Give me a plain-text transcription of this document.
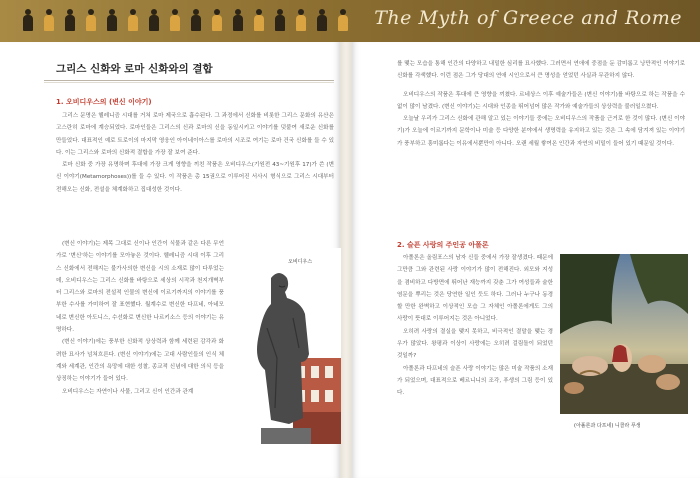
The Myth of Greece and Rome
그리스 신화와 로마 신화와의 결합
1. 오비디우스의 (변신 이야기)

그리스 문명은 헬레니즘 시대를 거쳐 로마 제국으로 흡수된다. 그 과정에서 신화를 비롯한 그리스 문화의 유산은 고스란히 로마에 계승되었다. 로마인들은 그리스의 신과 로마의 신을 동일시키고 이야기를 덧붙여 새로운 신화를 만들었다. 대표적인 예로 트로이의 마지막 영웅인 아이네이아스를 로마의 시조로 여기는 로마 건국 신화를 들 수 있다. 이는 그리스와 로마의 신화적 결합을 가장 잘 보여 준다.

로마 신화 중 가장 유명하며 후대에 가장 크게 영향을 끼친 작품은 오비디우스(기원전 43~기원후 17)가 쓴 (변신 이야기(Metamorphoses))를 들 수 있다. 이 작품은 총 15권으로 이루어진 서사시 형식으로 그리스 시대부터 전해오는 신화, 전설을 체계화하고 집대성한 것이다.

(변신 이야기)는 제목 그대로 신이나 인간이 식물과 같은 다른 무언가로 '변신'하는 이야기를 모아놓은 것이다. 헬레니즘 시대 이후 그리스 신화에서 전해지는 불가사의한 변신을 시의 소재로 많이 다루었는데, 오비디우스는 그리스 신화를 바탕으로 세상의 시작과 천지개벽부터 그리스와 로마의 전설적 인물의 변신에 이르기까지의 이야기를 풍부한 수사를 가미하여 잘 표현했다. 월계수로 변신한 다프네, 아네모네로 변신한 아도니스, 수선화로 변신한 나르키소스 등의 이야기는 유명하다.

(변신 이야기)에는 풍부한 신화적 상상력과 함께 세련된 감각과 화려한 묘사가 넘쳐흐른다. (변신 이야기)에는 고대 사람인들의 인식 체계와 세계관, 인간의 욕망에 대한 성찰, 종교적 신념에 대한 의식 등을 상징하는 이야기가 들어 있다.

오비디우스는 자연이나 사물, 그리고 신이 인간과 관계

오비디우스

를 맺는 모습을 통해 인간의 다양하고 내밀한 심리를 묘사했다. 그러면서 연애에 중점을 둔 감미롭고 낭만적인 이야기로 신화를 각색했다. 이런 점은 그가 당대의 연애 시인으로서 큰 명성을 얻었던 사실과 무관하지 않다.

오비디우스의 작품은 후대에 큰 영향을 끼쳤다. 르네상스 이후 예술가들은 (변신 이야기)를 바탕으로 하는 작품을 수없이 많이 남겼다. (변신 이야기)는 시대와 인종을 뛰어넘어 많은 작가와 예술가들의 상상력을 불러일으켰다.

오늘날 우리가 그리스 신화에 관해 알고 있는 이야기들 중에는 오비디우스의 작품을 근거로 한 것이 많다. (변신 이야기)가 오늘에 이르기까지 문학이나 미술 등 다양한 분야에서 생명력을 유지하고 있는 것은 그 속에 담겨져 있는 이야기가 풍부하고 흥미롭다는 이유에서뿐만이 아니다. 오랜 세월 쌓여온 인간과 자연의 비밀이 들어 있기 때문일 것이다.

2. 슬픈 사랑의 주인공 아폴론

아폴론은 올림포스의 남자 신들 중에서 가장 잘생겼다. 때문에 그만큼 그와 관련된 사랑 이야기가 많이 전해진다. 외모와 지성을 겸비하고 다방면에 뛰어난 재능까지 갖춘 그가 여성들과 숱한 염문을 뿌리는 것은 당연한 일인 듯도 하다. 그러나 누구나 동경할 만한 완벽하고 이상적인 모습 그 자체인 아폴론에게도 그의 사랑이 뜻대로 이루어지는 것은 아니었다.

오히려 사랑의 결실을 맺지 못하고, 비극적인 결말을 맺는 경우가 많았다. 왕평과 이상이 사랑에는 오히려 걸림돌이 되었던 것일까?

아폴론과 다프네의 슬픈 사랑 이야기는 많은 미술 작품의 소재가 되었으며, 대표적으로 베르니니의 조각, 푸생의 그림 등이 있다.

(아폴론과 다프네) 니콜라 푸생
